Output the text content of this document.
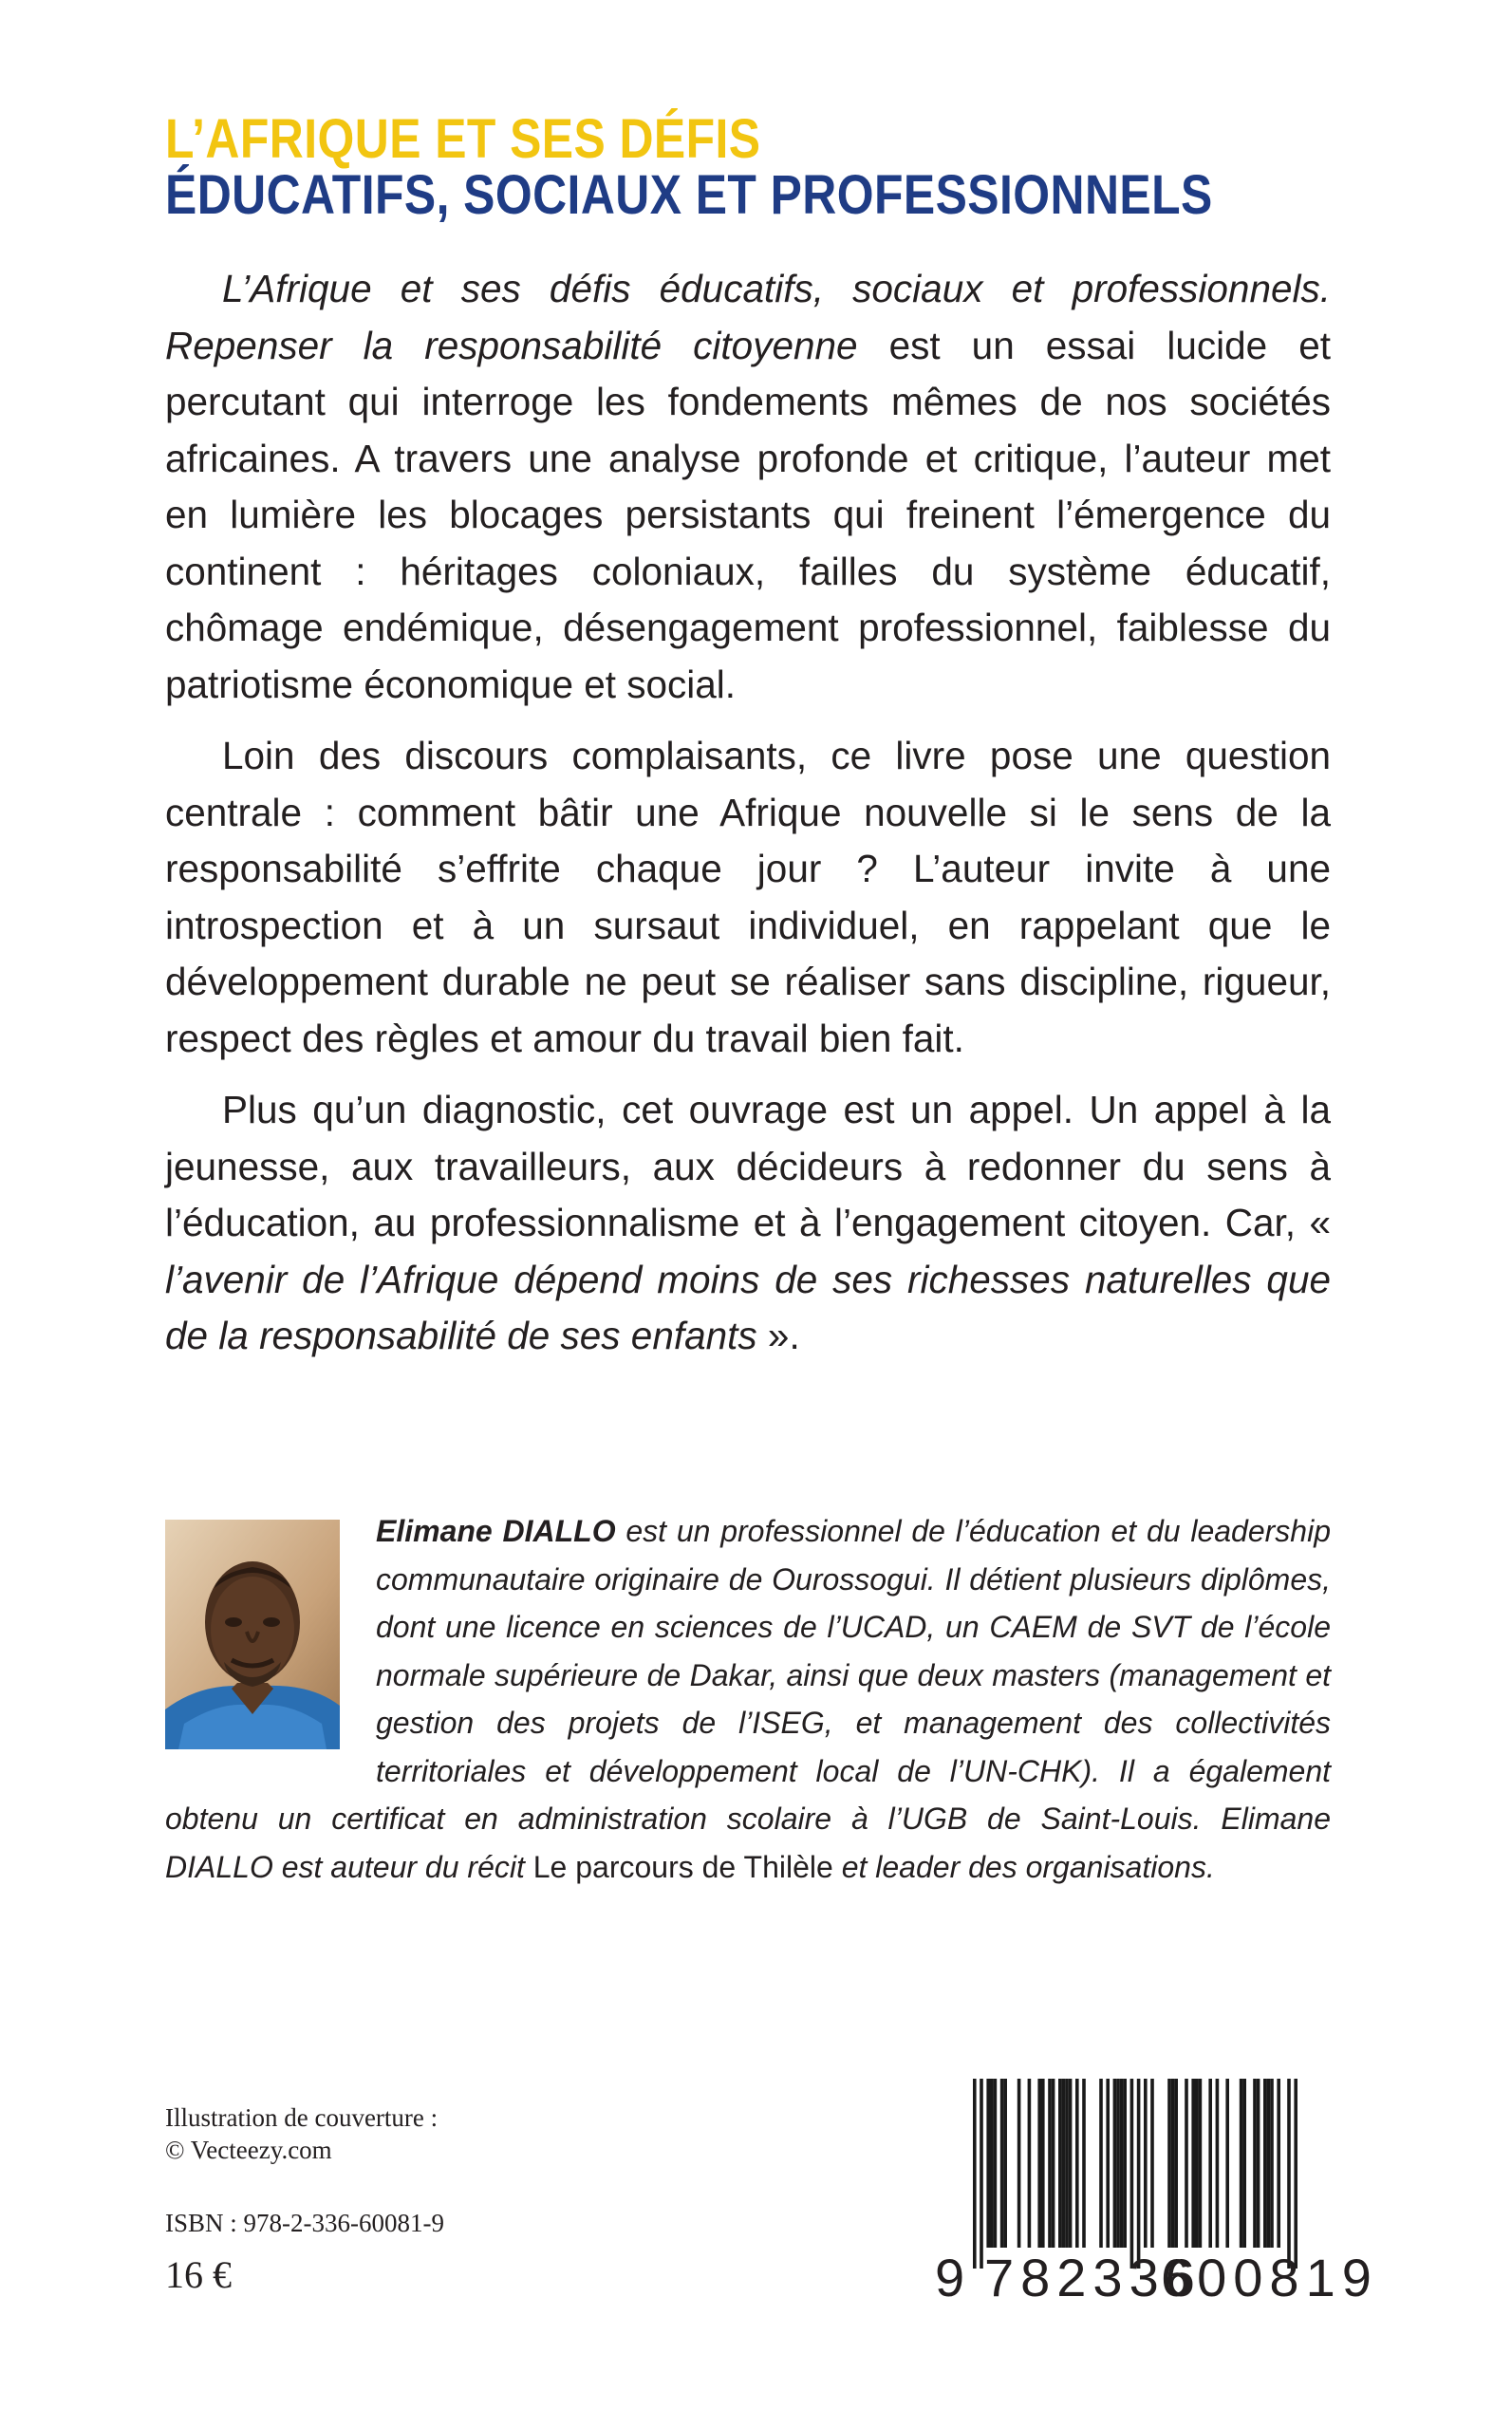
L’AFRIQUE ET SES DÉFIS
ÉDUCATIFS, SOCIAUX ET PROFESSIONNELS

L’Afrique et ses défis éducatifs, sociaux et professionnels. Repenser la responsabilité citoyenne est un essai lucide et percutant qui interroge les fondements mêmes de nos sociétés africaines. A travers une analyse profonde et critique, l’auteur met en lumière les blocages persistants qui freinent l’émergence du continent : héritages coloniaux, failles du système éducatif, chômage endémique, désengagement professionnel, faiblesse du patriotisme économique et social.

Loin des discours complaisants, ce livre pose une question centrale : comment bâtir une Afrique nouvelle si le sens de la responsabilité s’effrite chaque jour ? L’auteur invite à une introspection et à un sursaut individuel, en rappelant que le développement durable ne peut se réaliser sans discipline, rigueur, respect des règles et amour du travail bien fait.

Plus qu’un diagnostic, cet ouvrage est un appel. Un appel à la jeunesse, aux travailleurs, aux décideurs à redonner du sens à l’éducation, au professionnalisme et à l’engagement citoyen. Car, « l’avenir de l’Afrique dépend moins de ses richesses naturelles que de la responsabilité de ses enfants ».

Elimane DIALLO est un professionnel de l’éducation et du leadership communautaire originaire de Ourossogui. Il détient plusieurs diplômes, dont une licence en sciences de l’UCAD, un CAEM de SVT de l’école normale supérieure de Dakar, ainsi que deux masters (management et gestion des projets de l’ISEG, et management des collectivités territoriales et développement local de l’UN-CHK). Il a également obtenu un certificat en administration scolaire à l’UGB de Saint-Louis. Elimane DIALLO est auteur du récit Le parcours de Thilèle et leader des organisations.

Illustration de couverture :
© Vecteezy.com
ISBN : 978-2-336-60081-9
16 €	9 782336
600819
